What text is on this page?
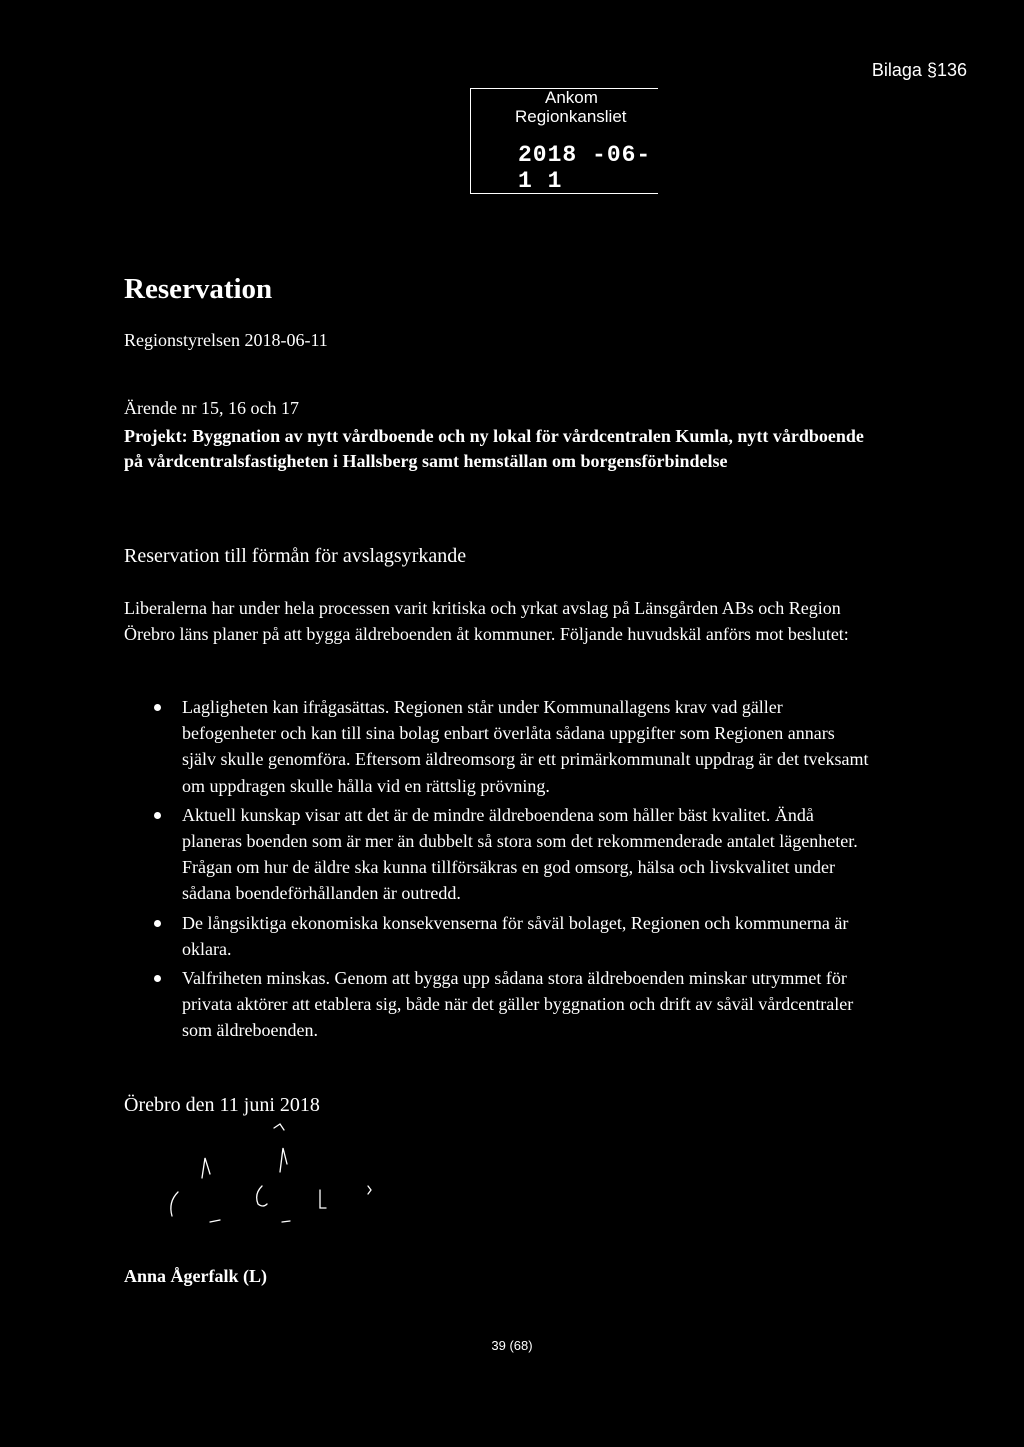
Bilaga §136
Ankom
Regionkansliet
2018 -06- 1 1
Reservation
Regionstyrelsen 2018-06-11
Ärende nr 15, 16 och 17
Projekt: Byggnation av nytt vårdboende och ny lokal för vårdcentralen Kumla, nytt vårdboende på vårdcentralsfastigheten i Hallsberg samt hemställan om borgensförbindelse
Reservation till förmån för avslagsyrkande
Liberalerna har under hela processen varit kritiska och yrkat avslag på Länsgården ABs och Region Örebro läns planer på att bygga äldreboenden åt kommuner. Följande huvudskäl anförs mot beslutet:
Lagligheten kan ifrågasättas. Regionen står under Kommunallagens krav vad gäller befogenheter och kan till sina bolag enbart överlåta sådana uppgifter som Regionen annars själv skulle genomföra. Eftersom äldreomsorg är ett primärkommunalt uppdrag är det tveksamt om uppdragen skulle hålla vid en rättslig prövning.
Aktuell kunskap visar att det är de mindre äldreboendena som håller bäst kvalitet. Ändå planeras boenden som är mer än dubbelt så stora som det rekommenderade antalet lägenheter. Frågan om hur de äldre ska kunna tillförsäkras en god omsorg, hälsa och livskvalitet under sådana boendeförhållanden är outredd.
De långsiktiga ekonomiska konsekvenserna för såväl bolaget, Regionen och kommunerna är oklara.
Valfriheten minskas. Genom att bygga upp sådana stora äldreboenden minskar utrymmet för privata aktörer att etablera sig, både när det gäller byggnation och drift av såväl vårdcentraler som äldreboenden.
Örebro den 11 juni 2018
Anna Ågerfalk (L)
39 (68)
